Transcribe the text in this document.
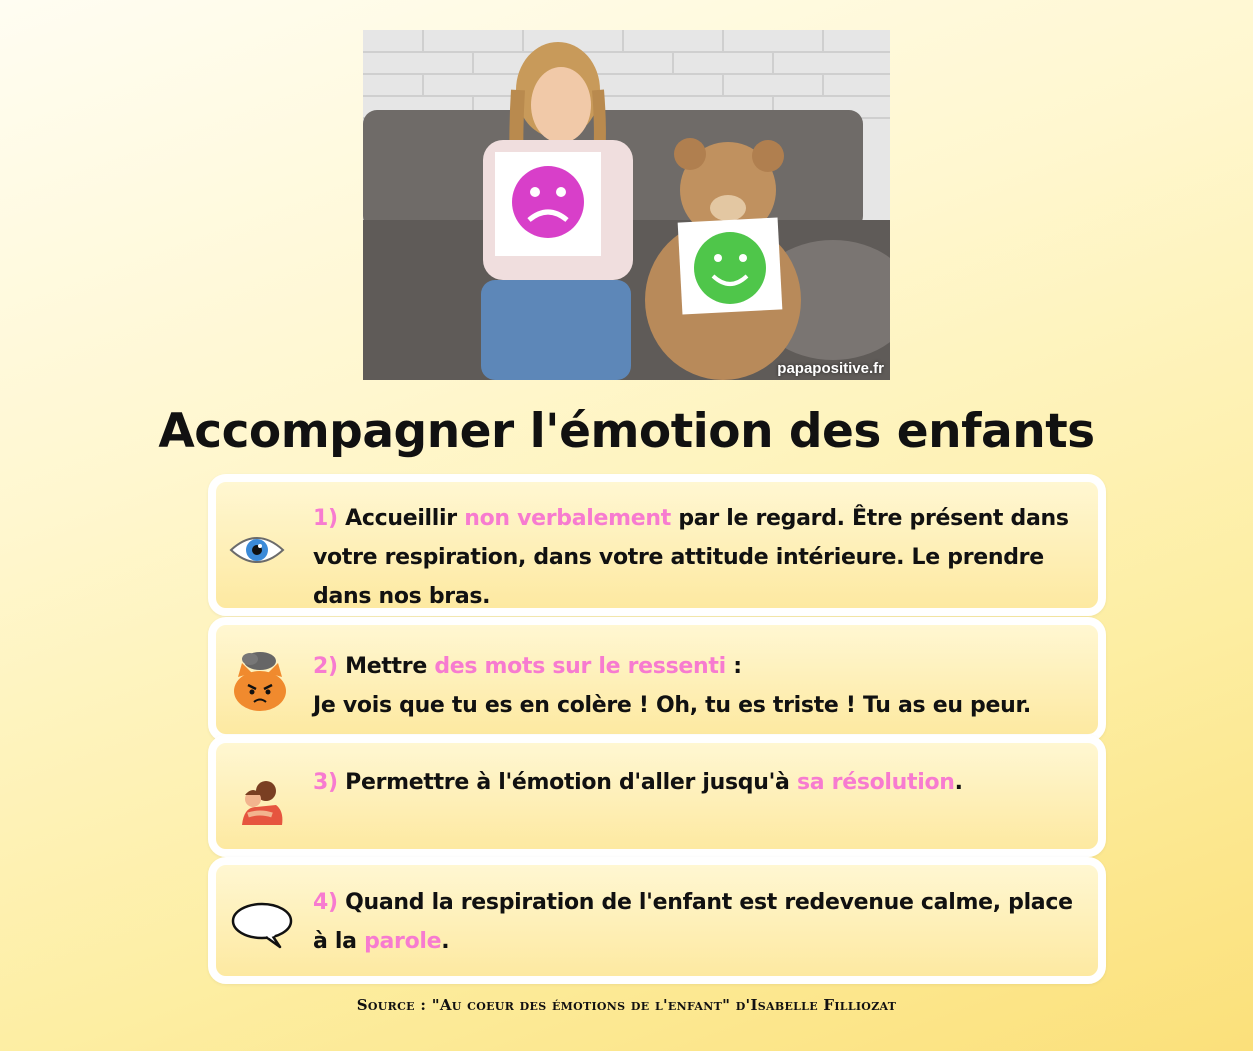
papapositive.fr
Accompagner l'émotion des enfants
1) Accueillir non verbalement par le regard. Être présent dans votre respiration, dans votre attitude intérieure. Le prendre dans nos bras.
2) Mettre des mots sur le ressenti :
Je vois que tu es en colère ! Oh, tu es triste ! Tu as eu peur.
3) Permettre à l'émotion d'aller jusqu'à sa résolution.
4) Quand la respiration de l'enfant est redevenue calme, place à la parole.
Source : "Au coeur des émotions de l'enfant" d'Isabelle Filliozat
